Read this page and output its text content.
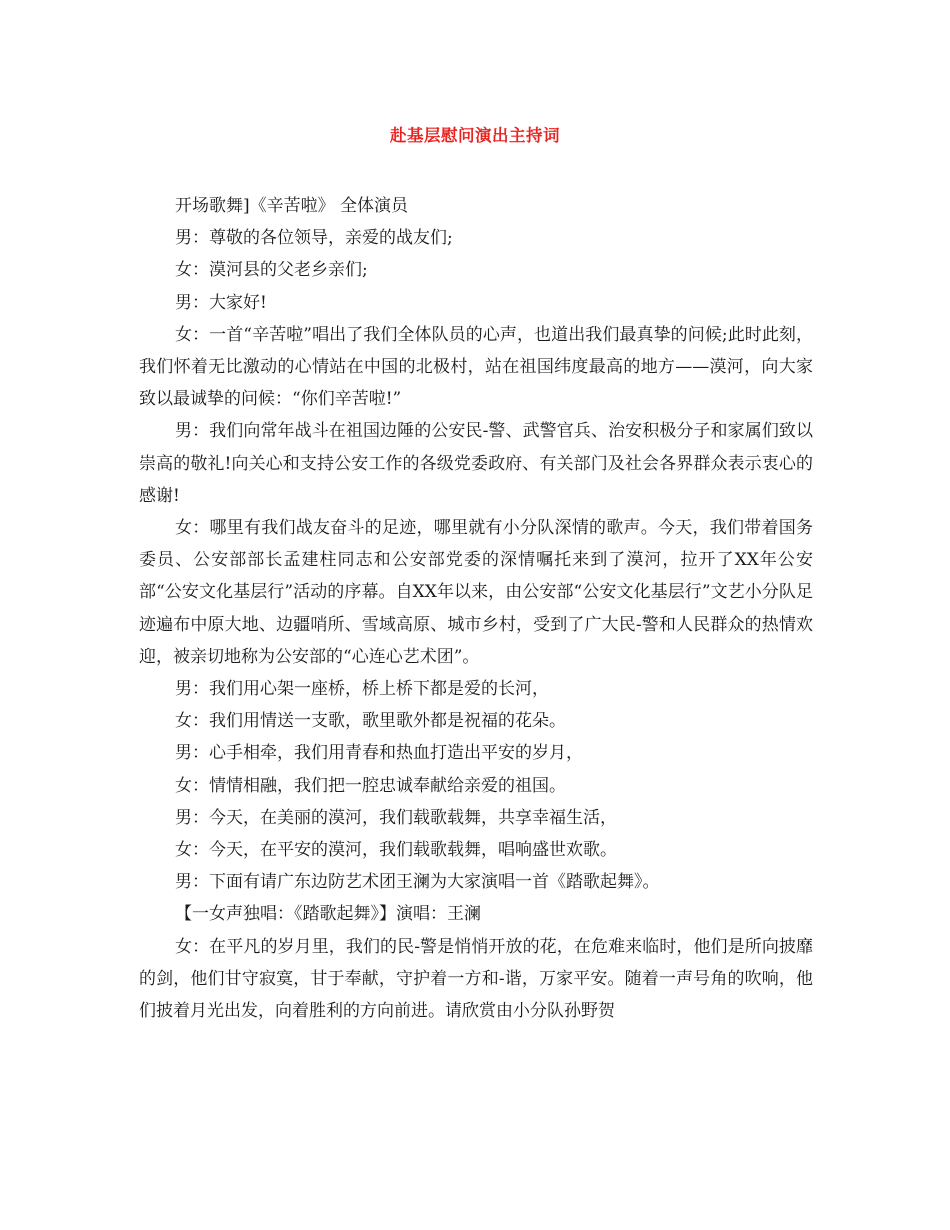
赴基层慰问演出主持词

开场歌舞]《辛苦啦》 全体演员

男：尊敬的各位领导，亲爱的战友们;

女：漠河县的父老乡亲们;

男：大家好!

女：一首“辛苦啦”唱出了我们全体队员的心声，也道出我们最真挚的问候;此时此刻，我们怀着无比激动的心情站在中国的北极村，站在祖国纬度最高的地方——漠河，向大家致以最诚挚的问候：“你们辛苦啦!”

男：我们向常年战斗在祖国边陲的公安民-警、武警官兵、治安积极分子和家属们致以崇高的敬礼!向关心和支持公安工作的各级党委政府、有关部门及社会各界群众表示衷心的感谢!

女：哪里有我们战友奋斗的足迹，哪里就有小分队深情的歌声。今天，我们带着国务委员、公安部部长孟建柱同志和公安部党委的深情嘱托来到了漠河，拉开了XX年公安部“公安文化基层行”活动的序幕。自XX年以来，由公安部“公安文化基层行”文艺小分队足迹遍布中原大地、边疆哨所、雪域高原、城市乡村，受到了广大民-警和人民群众的热情欢迎，被亲切地称为公安部的“心连心艺术团”。

男：我们用心架一座桥，桥上桥下都是爱的长河，

女：我们用情送一支歌，歌里歌外都是祝福的花朵。

男：心手相牵，我们用青春和热血打造出平安的岁月，

女：情情相融，我们把一腔忠诚奉献给亲爱的祖国。

男：今天，在美丽的漠河，我们载歌载舞，共享幸福生活，

女：今天，在平安的漠河，我们载歌载舞，唱响盛世欢歌。

男：下面有请广东边防艺术团王澜为大家演唱一首《踏歌起舞》。

【一女声独唱：《踏歌起舞》】演唱：王澜

女：在平凡的岁月里，我们的民-警是悄悄开放的花，在危难来临时，他们是所向披靡的剑，他们甘守寂寞，甘于奉献，守护着一方和-谐，万家平安。随着一声号角的吹响，他们披着月光出发，向着胜利的方向前进。请欣赏由小分队孙野贺
